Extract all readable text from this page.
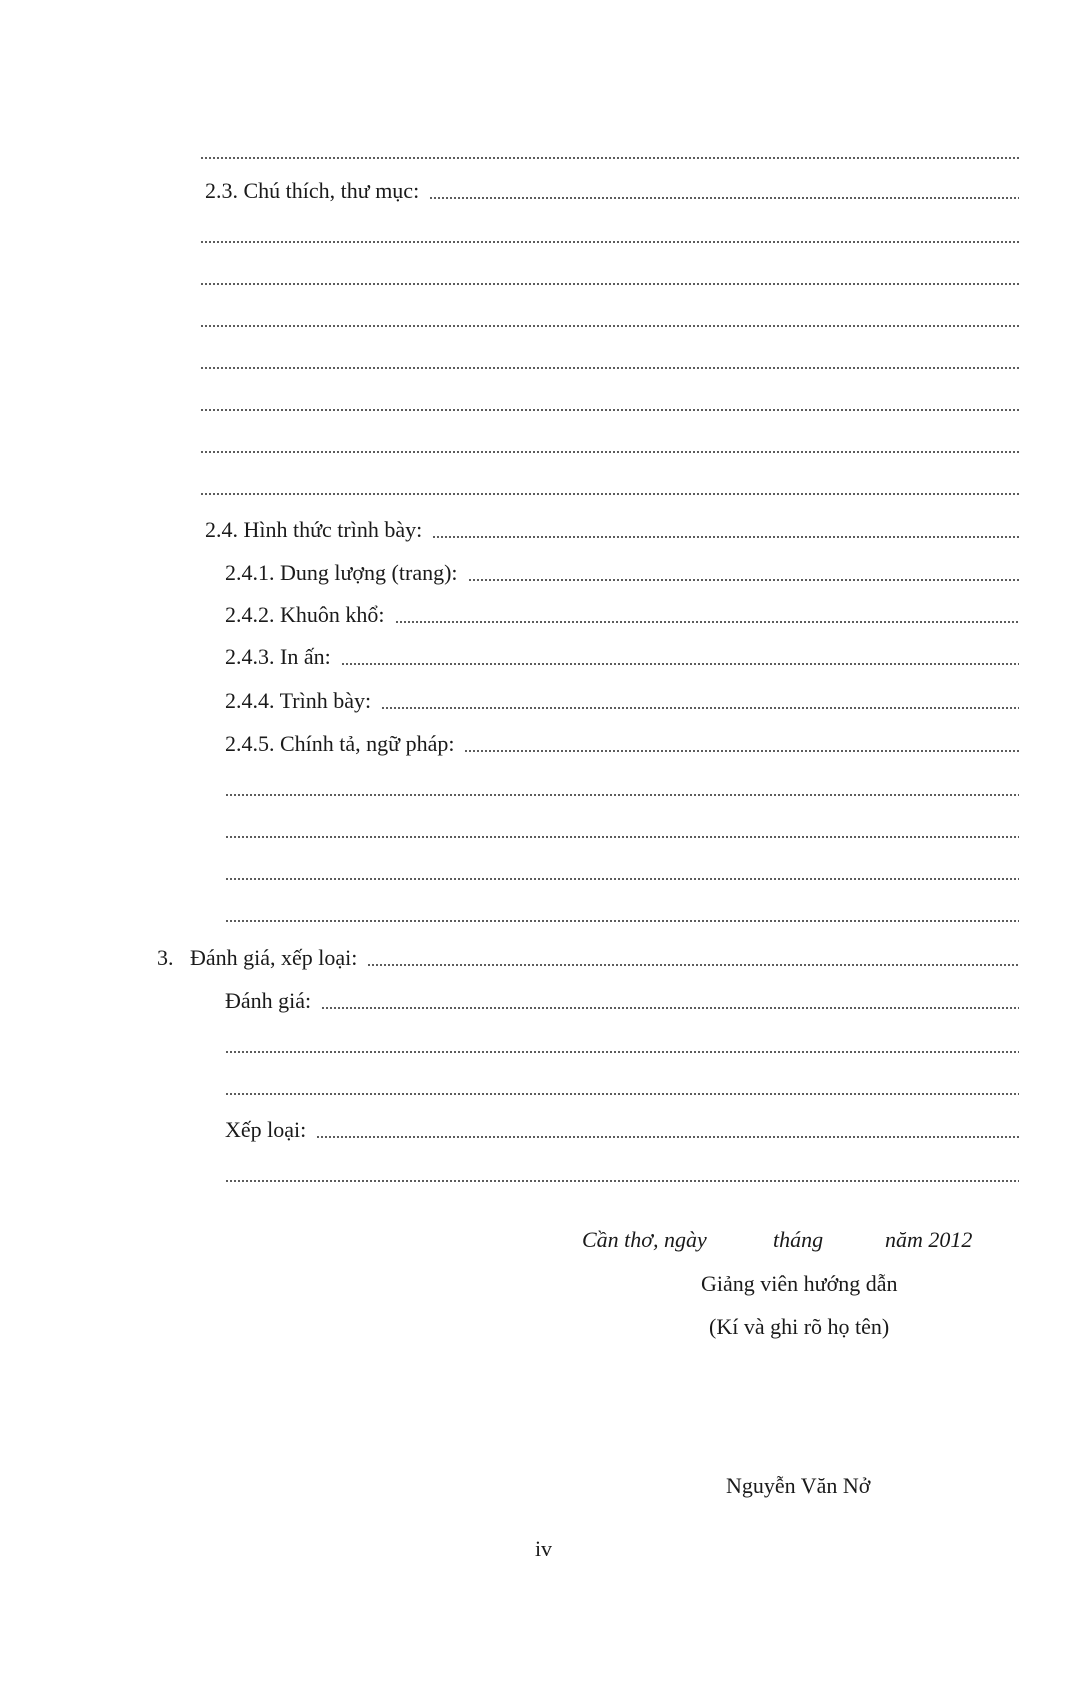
2.3. Chú thích, thư mục:
2.4. Hình thức trình bày:
2.4.1. Dung lượng (trang):
2.4.2. Khuôn khổ:
2.4.3. In ấn:
2.4.4. Trình bày:
2.4.5. Chính tả, ngữ pháp:
3.   Đánh giá, xếp loại:
Đánh giá:
Xếp loại:
Cần thơ, ngày	tháng	năm 2012
Giảng viên hướng dẫn
(Kí và ghi rõ họ tên)
Nguyễn Văn Nở
iv
